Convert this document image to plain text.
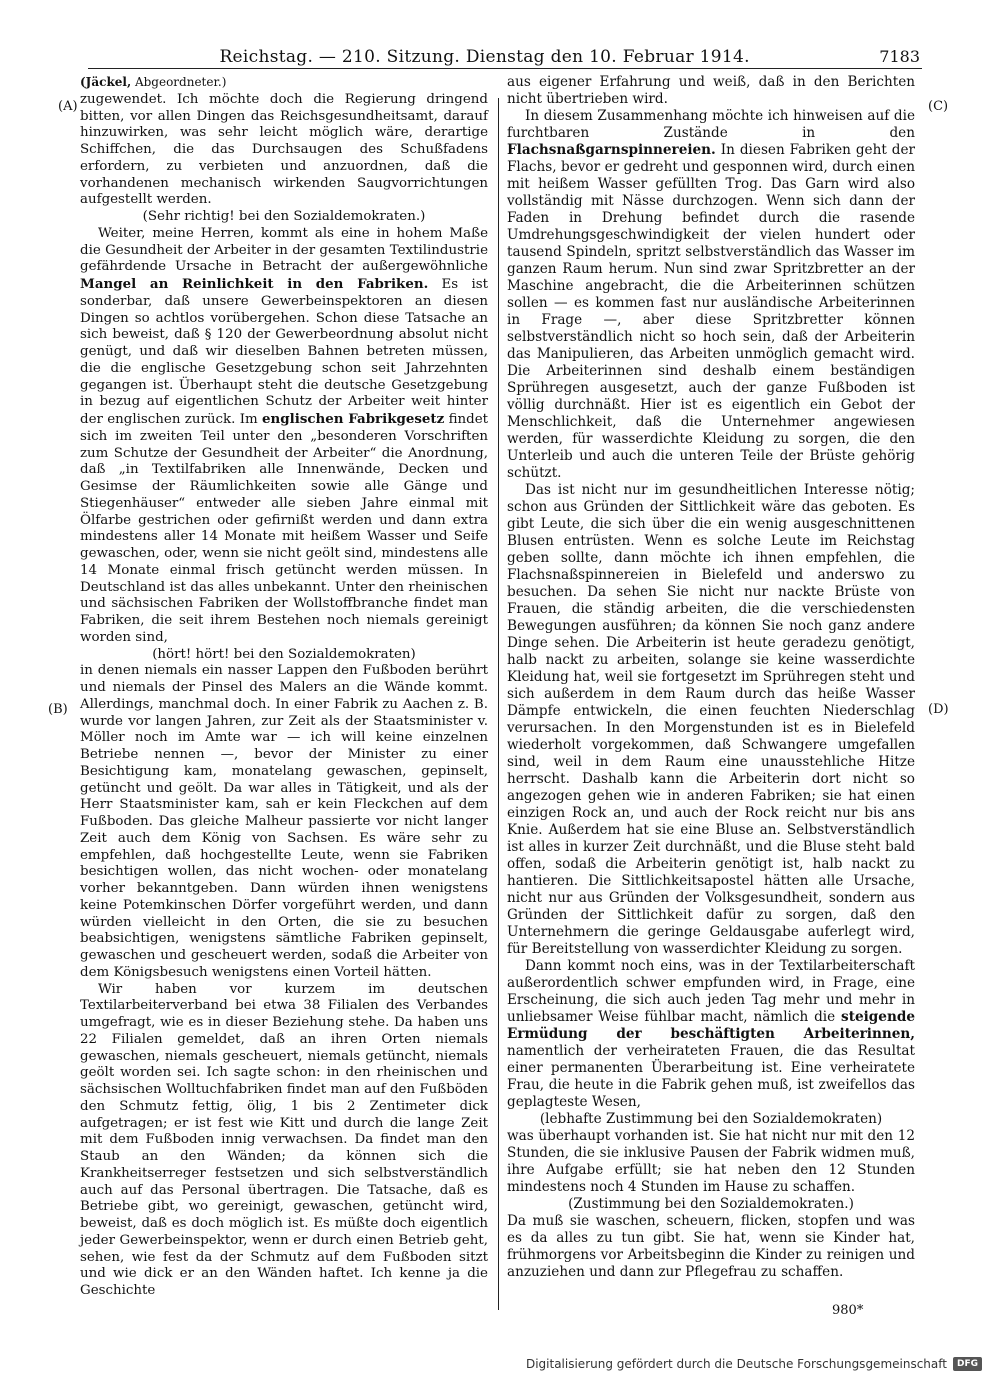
Reichstag. — 210. Sitzung. Dienstag den 10. Februar 1914.	7183
(A)
(B)
(C)
(D)
(Jäckel, Abgeordneter.)

zugewendet. Ich möchte doch die Regierung dringend bitten, vor allen Dingen das Reichsgesundheitsamt, darauf hinzuwirken, was sehr leicht möglich wäre, derartige Schiffchen, die das Durchsaugen des Schußfadens erfordern, zu verbieten und anzuordnen, daß die vorhandenen mechanisch wirkenden Saugvorrichtungen aufgestellt werden.

(Sehr richtig! bei den Sozialdemokraten.)

Weiter, meine Herren, kommt als eine in hohem Maße die Gesundheit der Arbeiter in der gesamten Textilindustrie gefährdende Ursache in Betracht der außergewöhnliche Mangel an Reinlichkeit in den Fabriken. Es ist sonderbar, daß unsere Gewerbeinspektoren an diesen Dingen so achtlos vorübergehen. Schon diese Tatsache an sich beweist, daß § 120 der Gewerbeordnung absolut nicht genügt, und daß wir dieselben Bahnen betreten müssen, die die englische Gesetzgebung schon seit Jahrzehnten gegangen ist. Überhaupt steht die deutsche Gesetzgebung in bezug auf eigentlichen Schutz der Arbeiter weit hinter der englischen zurück. Im englischen Fabrikgesetz findet sich im zweiten Teil unter den „besonderen Vorschriften zum Schutze der Gesundheit der Arbeiter“ die Anordnung, daß „in Textilfabriken alle Innenwände, Decken und Gesimse der Räumlichkeiten sowie alle Gänge und Stiegenhäuser“ entweder alle sieben Jahre einmal mit Ölfarbe gestrichen oder gefirnißt werden und dann extra mindestens aller 14 Monate mit heißem Wasser und Seife gewaschen, oder, wenn sie nicht geölt sind, mindestens alle 14 Monate einmal frisch getüncht werden müssen. In Deutschland ist das alles unbekannt. Unter den rheinischen und sächsischen Fabriken der Wollstoffbranche findet man Fabriken, die seit ihrem Bestehen noch niemals gereinigt worden sind,

(hört! hört! bei den Sozialdemokraten)

in denen niemals ein nasser Lappen den Fußboden berührt und niemals der Pinsel des Malers an die Wände kommt. Allerdings, manchmal doch. In einer Fabrik zu Aachen z. B. wurde vor langen Jahren, zur Zeit als der Staatsminister v. Möller noch im Amte war — ich will keine einzelnen Betriebe nennen —, bevor der Minister zu einer Besichtigung kam, monatelang gewaschen, gepinselt, getüncht und geölt. Da war alles in Tätigkeit, und als der Herr Staatsminister kam, sah er kein Fleckchen auf dem Fußboden. Das gleiche Malheur passierte vor nicht langer Zeit auch dem König von Sachsen. Es wäre sehr zu empfehlen, daß hochgestellte Leute, wenn sie Fabriken besichtigen wollen, das nicht wochen- oder monatelang vorher bekanntgeben. Dann würden ihnen wenigstens keine Potemkinschen Dörfer vorgeführt werden, und dann würden vielleicht in den Orten, die sie zu besuchen beabsichtigen, wenigstens sämtliche Fabriken gepinselt, gewaschen und gescheuert werden, sodaß die Arbeiter von dem Königsbesuch wenigstens einen Vorteil hätten.

Wir haben vor kurzem im deutschen Textilarbeiterverband bei etwa 38 Filialen des Verbandes umgefragt, wie es in dieser Beziehung stehe. Da haben uns 22 Filialen gemeldet, daß an ihren Orten niemals gewaschen, niemals gescheuert, niemals getüncht, niemals geölt worden sei. Ich sagte schon: in den rheinischen und sächsischen Wolltuchfabriken findet man auf den Fußböden den Schmutz fettig, ölig, 1 bis 2 Zentimeter dick aufgetragen; er ist fest wie Kitt und durch die lange Zeit mit dem Fußboden innig verwachsen. Da findet man den Staub an den Wänden; da können sich die Krankheitserreger festsetzen und sich selbstverständlich auch auf das Personal übertragen. Die Tatsache, daß es Betriebe gibt, wo gereinigt, gewaschen, getüncht wird, beweist, daß es doch möglich ist. Es müßte doch eigentlich jeder Gewerbeinspektor, wenn er durch einen Betrieb geht, sehen, wie fest da der Schmutz auf dem Fußboden sitzt und wie dick er an den Wänden haftet. Ich kenne ja die Geschichte

aus eigener Erfahrung und weiß, daß in den Berichten nicht übertrieben wird.

In diesem Zusammenhang möchte ich hinweisen auf die furchtbaren Zustände in den Flachsnaßgarnspinnereien. In diesen Fabriken geht der Flachs, bevor er gedreht und gesponnen wird, durch einen mit heißem Wasser gefüllten Trog. Das Garn wird also vollständig mit Nässe durchzogen. Wenn sich dann der Faden in Drehung befindet durch die rasende Umdrehungsgeschwindigkeit der vielen hundert oder tausend Spindeln, spritzt selbstverständlich das Wasser im ganzen Raum herum. Nun sind zwar Spritzbretter an der Maschine angebracht, die die Arbeiterinnen schützen sollen — es kommen fast nur ausländische Arbeiterinnen in Frage —, aber diese Spritzbretter können selbstverständlich nicht so hoch sein, daß der Arbeiterin das Manipulieren, das Arbeiten unmöglich gemacht wird. Die Arbeiterinnen sind deshalb einem beständigen Sprühregen ausgesetzt, auch der ganze Fußboden ist völlig durchnäßt. Hier ist es eigentlich ein Gebot der Menschlichkeit, daß die Unternehmer angewiesen werden, für wasserdichte Kleidung zu sorgen, die den Unterleib und auch die unteren Teile der Brüste gehörig schützt.

Das ist nicht nur im gesundheitlichen Interesse nötig; schon aus Gründen der Sittlichkeit wäre das geboten. Es gibt Leute, die sich über die ein wenig ausgeschnittenen Blusen entrüsten. Wenn es solche Leute im Reichstag geben sollte, dann möchte ich ihnen empfehlen, die Flachsnaßspinnereien in Bielefeld und anderswo zu besuchen. Da sehen Sie nicht nur nackte Brüste von Frauen, die ständig arbeiten, die die verschiedensten Bewegungen ausführen; da können Sie noch ganz andere Dinge sehen. Die Arbeiterin ist heute geradezu genötigt, halb nackt zu arbeiten, solange sie keine wasserdichte Kleidung hat, weil sie fortgesetzt im Sprühregen steht und sich außerdem in dem Raum durch das heiße Wasser Dämpfe entwickeln, die einen feuchten Niederschlag verursachen. In den Morgenstunden ist es in Bielefeld wiederholt vorgekommen, daß Schwangere umgefallen sind, weil in dem Raum eine unausstehliche Hitze herrscht. Dashalb kann die Arbeiterin dort nicht so angezogen gehen wie in anderen Fabriken; sie hat einen einzigen Rock an, und auch der Rock reicht nur bis ans Knie. Außerdem hat sie eine Bluse an. Selbstverständlich ist alles in kurzer Zeit durchnäßt, und die Bluse steht bald offen, sodaß die Arbeiterin genötigt ist, halb nackt zu hantieren. Die Sittlichkeitsapostel hätten alle Ursache, nicht nur aus Gründen der Volksgesundheit, sondern aus Gründen der Sittlichkeit dafür zu sorgen, daß den Unternehmern die geringe Geldausgabe auferlegt wird, für Bereitstellung von wasserdichter Kleidung zu sorgen.

Dann kommt noch eins, was in der Textilarbeiterschaft außerordentlich schwer empfunden wird, in Frage, eine Erscheinung, die sich auch jeden Tag mehr und mehr in unliebsamer Weise fühlbar macht, nämlich die steigende Ermüdung der beschäftigten Arbeiterinnen, namentlich der verheirateten Frauen, die das Resultat einer permanenten Überarbeitung ist. Eine verheiratete Frau, die heute in die Fabrik gehen muß, ist zweifellos das geplagteste Wesen,

(lebhafte Zustimmung bei den Sozialdemokraten)

was überhaupt vorhanden ist. Sie hat nicht nur mit den 12 Stunden, die sie inklusive Pausen der Fabrik widmen muß, ihre Aufgabe erfüllt; sie hat neben den 12 Stunden mindestens noch 4 Stunden im Hause zu schaffen.

(Zustimmung bei den Sozialdemokraten.)

Da muß sie waschen, scheuern, flicken, stopfen und was es da alles zu tun gibt. Sie hat, wenn sie Kinder hat, frühmorgens vor Arbeitsbeginn die Kinder zu reinigen und anzuziehen und dann zur Pflegefrau zu schaffen.

980*
Digitalisierung gefördert durch die Deutsche Forschungsgemeinschaft	DFG
